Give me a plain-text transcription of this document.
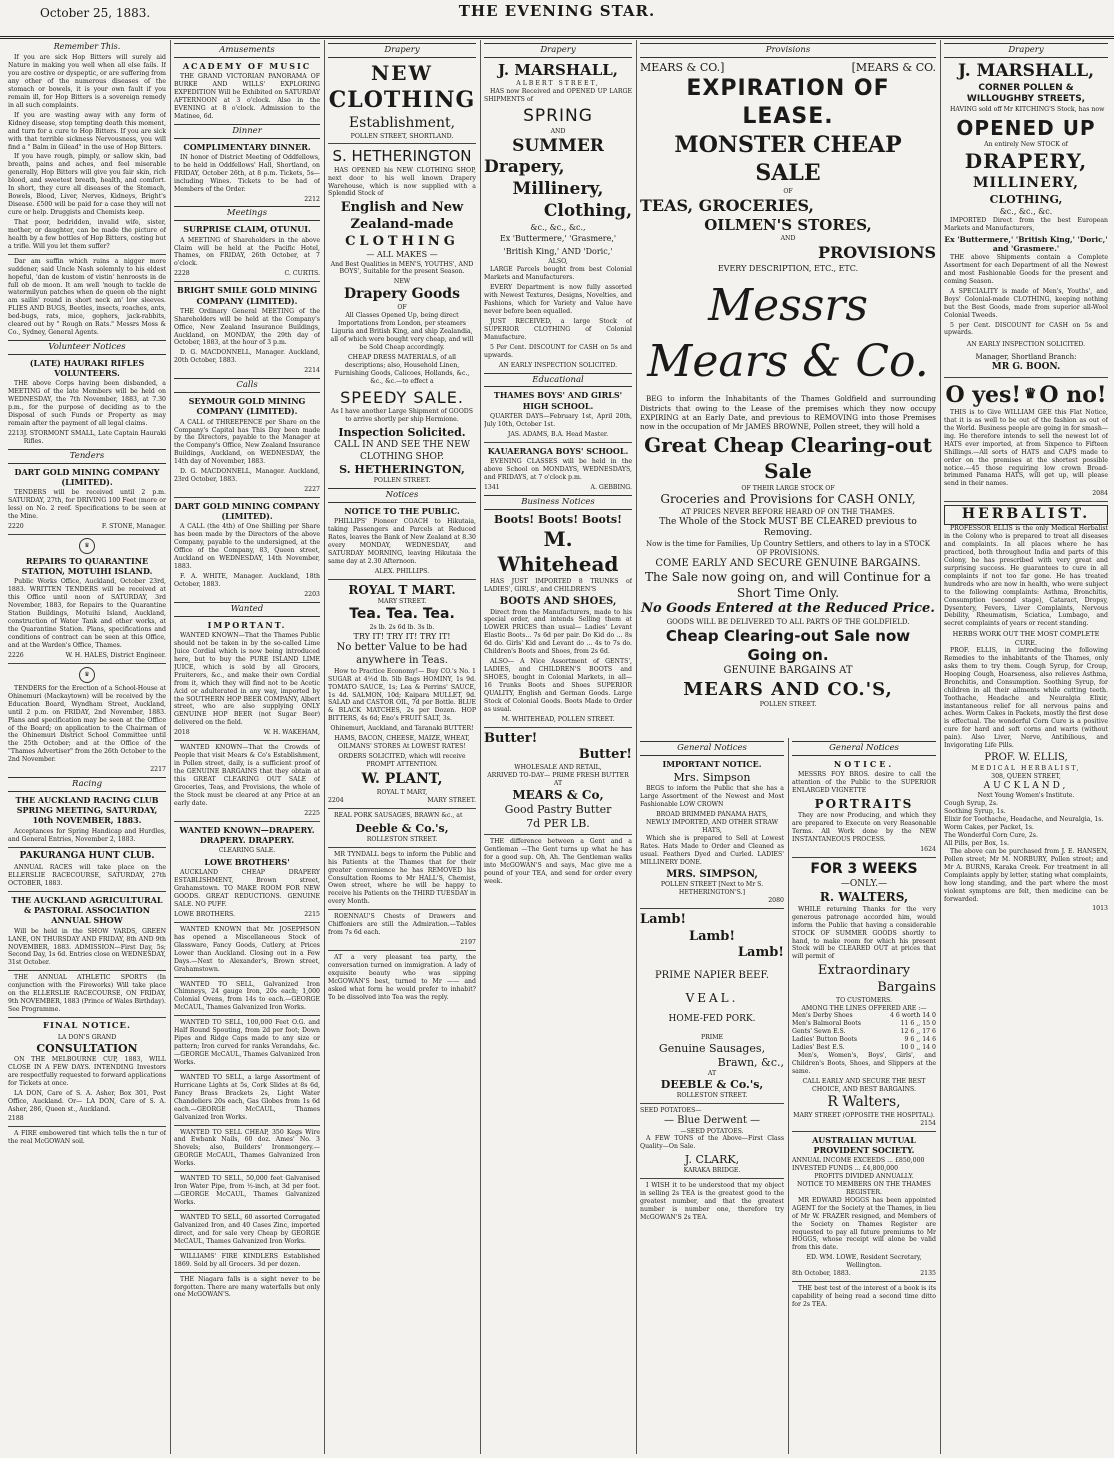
October 25, 1883.	THE EVENING STAR.
Remember This.

If you are sick Hop Bitters will surely aid Nature in making you well when all else fails. If you are costive or dyspeptic, or are suffering from any other of the numerous diseases of the stomach or bowels, it is your own fault if you remain ill, for Hop Bitters is a sovereign remedy in all such complaints.

If you are wasting away with any form of Kidney disease, stop tempting death this moment, and turn for a cure to Hop Bitters. If you are sick with that terrible sickness Nervousness, you will find a " Balm in Gilead" in the use of Hop Bitters.

If you have rough, pimply, or sallow skin, bad breath, pains and aches, and feel miserable generally, Hop Bitters will give you fair skin, rich blood, and sweetest breath, health, and comfort. In short, they cure all diseases of the Stomach, Bowels, Blood, Liver, Nerves, Kidneys, Bright's Disease. £500 will be paid for a case they will not cure or help. Druggists and Chemists keep.

That poor, bedridden, invalid wife, sister, mother, or daughter, can be made the picture of health by a few bottles of Hop Bitters, costing but a trifle. Will you let them suffer?

Dar am suffin which ruins a nigger more suddener, said Uncle Nash solemnly to his eldest hopeful, 'dan de kustom of vistin' henroosts in de full ob de moon. It am well 'nough to tackle de watermilyun patches when de queen ob the night am sailin' round in short neck an' low sleeves. FLIES AND BUGS, Beetles, insects, roaches, ants, bed-bugs, rats, mice, gophers, jack-rabbits, cleared out by " Rough on Rats." Messrs Moss & Co., Sydney, General Agents.

Volunteer Notices
(LATE) HAURAKI RIFLES VOLUNTEERS.

THE above Corps having been disbanded, a MEETING of the late Members will be held on WEDNESDAY, the 7th November, 1883, at 7.30 p.m., for the purpose of deciding as to the Disposal of such Funds or Property as may remain after the payment of all legal claims.

2213 J. STORMONT SMALL, Late Captain Hauraki Rifles.
Tenders
DART GOLD MINING COMPANY (LIMITED).

TENDERS will be received until 2 p.m. SATURDAY, 27th, for DRIVING 100 Feet (more or less) on No. 2 reef. Specifications to be seen at the Mine.

2220	F. STONE, Manager.
♛
REPAIRS TO QUARANTINE STATION, MOTUIHI ISLAND.

Public Works Office, Auckland, October 23rd, 1883. WRITTEN TENDERS will be received at this Office until noon of SATURDAY, 3rd November, 1883, for Repairs to the Quarantine Station Buildings, Motuihi Island, Auckland, construction of Water Tank and other works, at the Quarantine Station. Plans, specifications and conditions of contract can be seen at this Office, and at the Warden's Office, Thames.

2226	W. H. HALES, District Engineer.
♛

TENDERS for the Erection of a School-House at Ohinemuri (Mackaytown) will be received by the Education Board, Wyndham Street, Auckland, until 2 p.m. on FRIDAY, 2nd November, 1883. Plans and specification may be seen at the Office of the Board; on application to the Chairman of the Ohinemuri District School Committee until the 25th October; and at the Office of the "Thames Advertiser" from the 26th October to the 2nd November.

2217
Racing
THE AUCKLAND RACING CLUB SPRING MEETING, SATURDAY, 10th NOVEMBER, 1883.

Acceptances for Spring Handicap and Hurdles, and General Entries, November 2, 1883.

PAKURANGA HUNT CLUB.

ANNUAL RACES will take place on the ELLERSLIE RACECOURSE, SATURDAY, 27th OCTOBER, 1883.

THE AUCKLAND AGRICULTURAL & PASTORAL ASSOCIATION ANNUAL SHOW

Will be held in the SHOW YARDS, GREEN LANE, ON THURSDAY AND FRIDAY, 8th AND 9th NOVEMBER, 1883. ADMISSION—First Day, 5s; Second Day, 1s 6d. Entries close on WEDNESDAY, 31st October.

THE ANNUAL ATHLETIC SPORTS (In conjunction with the Fireworks) Will take place on the ELLERSLIE RACECOURSE, ON FRIDAY, 9th NOVEMBER, 1883 (Prince of Wales Birthday). See Programme.

FINAL NOTICE.
LA DON'S GRAND
CONSULTATION

ON THE MELBOURNE CUP, 1883, WILL CLOSE IN A FEW DAYS. INTENDING Investors are respectfully requested to forward applications for Tickets at once.

LA DON, Care of S. A. Asher, Box 301, Post Office, Auckland. Or— LA DON, Care of S. A. Asher, 286, Queen st., Auckland.

2188

A FIRE embowered tint which tells the n tur of the real McGOWAN soil.

Amusements
ACADEMY OF MUSIC

THE GRAND VICTORIAN PANORAMA OF BURKE AND WILLS' EXPLORING EXPEDITION Will be Exhibited on SATURDAY AFTERNOON at 3 o'clock. Also in the EVENING at 8 o'clock. Admission to the Matinee, 6d.

Dinner
COMPLIMENTARY DINNER.

IN honor of District Meeting of Oddfellows, to be held in Oddfellows' Hall, Shortland, on FRIDAY, October 26th, at 8 p.m. Tickets, 5s—including Wines. Tickets to be had of Members of the Order.

2212
Meetings
SURPRISE CLAIM, OTUNUI.

A MEETING of Shareholders in the above Claim will be held at the Pacific Hotel, Thames, on FRIDAY, 26th October, at 7 o'clock.

2228	C. CURTIS.
BRIGHT SMILE GOLD MINING COMPANY (LIMITED).

THE Ordinary General MEETING of the Shareholders will be held at the Company's Office, New Zealand Insurance Buildings, Auckland, on MONDAY, the 29th day of October, 1883, at the hour of 3 p.m.

D. G. MACDONNELL, Manager. Auckland, 20th October, 1883.

2214
Calls
SEYMOUR GOLD MINING COMPANY (LIMITED).

A CALL of THREEPENCE per Share on the Company's Capital has This Day been made by the Directors, payable to the Manager at the Company's Office, New Zealand Insurance Buildings, Auckland, on WEDNESDAY, the 14th day of November, 1883.

D. G. MACDONNELL, Manager. Auckland, 23rd October, 1883.

2227
DART GOLD MINING COMPANY (LIMITED).

A CALL (the 4th) of One Shilling per Share has been made by the Directors of the above Company, payable to the undersigned, at the Office of the Company, 83, Queen street, Auckland on WEDNESDAY, 14th November, 1883.

F. A. WHITE, Manager. Auckland, 18th October, 1883.

2203
Wanted
IMPORTANT.

WANTED KNOWN—That the Thames Public should not be taken in by the so-called Lime Juice Cordial which is now being introduced here, but to buy the PURE ISLAND LIME JUICE, which is sold by all Grocers, Fruiterers, &c., and make their own Cordial from it, which they will find not to be Acetic Acid or adulterated in any way, imported by the SOUTHERN HOP BEER COMPANY, Albert street, who are also supplying ONLY GENUINE HOP BEER (not Sugar Beer) delivered on the field.

2018	W. H. WAKEHAM,

WANTED KNOWN—That the Crowds of People that visit Mears & Co's Establishment, in Pollen street, daily, is a sufficient proof of the GENUINE BARGAINS that they obtain at this GREAT CLEARING OUT SALE of Groceries, Teas, and Provisions, the whole of the Stock must be cleared at any Price at an early date.

2225
WANTED KNOWN—DRAPERY. DRAPERY. DRAPERY.
CLEARING SALE.
LOWE BROTHERS'

AUCKLAND CHEAP DRAPERY ESTABLISHMENT, Brown street, Grahamstown. TO MAKE ROOM FOR NEW GOODS. GREAT REDUCTIONS. GENUINE SALE. NO PUFF.

LOWE BROTHERS.	2215

WANTED KNOWN that Mr. JOSEPHSON has opened a Miscellaneous Stock of Glassware, Fancy Goods, Cutlery, at Prices Lower than Auckland. Closing out in a Few Days.—Next to Alexander's, Brown street, Grahamstown.

WANTED TO SELL, Galvanized Iron Chimneys, 24 gauge Iron, 20s each; 1,000 Colonial Ovens, from 14s to each.—GEORGE McCAUL, Thames Galvanized Iron Works.

WANTED TO SELL, 100,000 Feet O.G. and Half Round Spouting, from 2d per foot; Down Pipes and Ridge Caps made to any size or pattern; Iron curved for ranks Verandahs, &c.—GEORGE McCAUL, Thames Galvanized Iron Works.

WANTED TO SELL, a large Assortment of Hurricane Lights at 5s, Cork Slides at 8s 6d, Fancy Brass Brackets 2s, Light Water Chandeliers 20s each, Gas Globes from 1s 6d each.—GEORGE McCAUL, Thames Galvanized Iron Works.

WANTED TO SELL CHEAP, 350 Kegs Wire and Ewbank Nails, 60 doz. Ames' No. 3 Shovels; also, Builders' Ironmongery.—GEORGE McCAUL, Thames Galvanized Iron Works.

WANTED TO SELL, 50,000 feet Galvanised Iron Water Pipe, from ½-inch, at 3d per foot.—GEORGE McCAUL, Thames Galvanized Works.

WANTED TO SELL, 60 assorted Corrugated Galvanized Iron, and 40 Cases Zinc, imported direct, and for sale very Cheap by GEORGE McCAUL, Thames Galvanized Iron Works.

WILLIAMS' FIRE KINDLERS Established 1869. Sold by all Grocers. 3d per dozen.

THE Niagara falls is a sight never to be forgotten. There are many waterfalls but only one McGOWAN'S.

Drapery
NEW
CLOTHING
Establishment,
POLLEN STREET, SHORTLAND.
S. HETHERINGTON

HAS OPENED his NEW CLOTHING SHOP, next door to his well known Drapery Warehouse, which is now supplied with a Splendid Stock of

English and New Zealand-made
CLOTHING
— ALL MAKES —

And Best Qualities in MEN'S, YOUTHS', AND BOYS', Suitable for the present Season.

NEW
Drapery Goods
OF

All Classes Opened Up, being direct Importations from London, per steamers Liguria and British King, and ship Zealandia, all of which were bought very cheap, and will be Sold Cheap accordingly.

CHEAP DRESS MATERIALS, of all descriptions; also, Household Linen, Furnishing Goods, Calicoes, Hollands, &c., &c., &c.—to effect a

SPEEDY SALE.

As I have another Large Shipment of GOODS to arrive shortly per ship Hermione.

Inspection Solicited.
CALL IN AND SEE THE NEW CLOTHING SHOP.
S. HETHERINGTON,
POLLEN STREET.
Notices
NOTICE TO THE PUBLIC.

PHILLIPS' Pioneer COACH to Hikutaia, taking Passengers and Parcels at Reduced Rates, leaves the Bank of New Zealand at 8.30 every MONDAY, WEDNESDAY, and SATURDAY MORNING, leaving Hikutaia the same day at 2.30 Afternoon.

ALEX. PHILLIPS.
ROYAL T MART.
MARY STREET.
Tea. Tea. Tea.
2s lb. 2s 6d lb. 3s lb.
TRY IT! TRY IT! TRY IT!
No better Value to be had anywhere in Teas.

How to Practice Economy!— Buy CO.'s No. 1 SUGAR at 4½d lb. 5lb Bags HOMINY, 1s 9d. TOMATO SAUCE, 1s; Lea & Perrins' SAUCE, 1s 4d. SALMON, 10d; Kaipara MULLET, 9d. SALAD and CASTOR OIL, 7d per Bottle. BLUE & BLACK MATCHES, 2s per Dozen. HOP BITTERS, 4s 6d; Eno's FRUIT SALT, 3s.

Ohinemuri, Auckland, and Taranaki BUTTER!

HAMS, BACON, CHEESE, MAIZE, WHEAT, OILMANS' STORES At LOWEST RATES!

ORDERS SOLICITED, which will receive PROMPT ATTENTION.

W. PLANT,
ROYAL T MART,
2204	MARY STREET.

REAL PORK SAUSAGES, BRAWN &c., at

Deeble & Co.'s,
ROLLESTON STREET.

MR TYNDALL begs to inform the Public and his Patients at the Thames that for their greater convenience he has REMOVED his Consultation Rooms to Mr HALL'S, Chemist, Owen street, where he will be happy to receive his Patients on the THIRD TUESDAY in every Month.

ROENNAU'S Chests of Drawers and Chiffoniers are still the Admiration.—Tables from 7s 6d each.

2197

AT a very pleasant tea party, the conversation turned on immigration. A lady of exquisite beauty who was sipping McGOWAN'S best, turned to Mr —— and asked what form he would prefer to inhabit? To be dissolved into Tea was the reply.

Drapery
J. MARSHALL,
ALBERT STREET,

HAS now Received and OPENED UP LARGE SHIPMENTS of

SPRING
AND
SUMMER
Drapery,
Millinery,
Clothing,
&c., &c., &c.,
Ex 'Buttermere,' 'Grasmere,' 'British King,' AND 'Doric,'
ALSO,

LARGE Parcels bought from best Colonial Markets and Manufacturers.

EVERY Department is now fully assorted with Newest Textures, Designs, Novelties, and Fashions, which for Variety and Value have never before been equalled.

JUST RECEIVED, a large Stock of SUPERIOR CLOTHING of Colonial Manufacture.

5 Per Cent. DISCOUNT for CASH on 5s and upwards.

AN EARLY INSPECTION SOLICITED.
Educational
THAMES BOYS' AND GIRLS' HIGH SCHOOL.

QUARTER DAYS—February 1st, April 20th, July 10th, October 1st.

JAS. ADAMS, B.A. Head Master.
KAUAERANGA BOYS' SCHOOL.

EVENING CLASSES will be held in the above School on MONDAYS, WEDNESDAYS, and FRIDAYS, at 7 o'clock p.m.

1341	A. GEBBING.
Business Notices
Boots! Boots! Boots!
M. Whitehead

HAS JUST IMPORTED 8 TRUNKS of LADIES', GIRLS', and CHILDREN'S

BOOTS AND SHOES,

Direct from the Manufacturers, made to his special order, and intends Selling them at LOWER PRICES than usual— Ladies' Levant Elastic Boots... 7s 6d per pair. Do Kid do ... 8s 6d do. Girls' Kid and Levant do ... 4s to 7s do. Children's Boots and Shoes, from 2s 6d.

ALSO— A Nice Assortment of GENTS', LADIES, and CHILDREN'S BOOTS and SHOES, bought in Colonial Markets, in all— 16 Trunks Boots and Shoes SUPERIOR QUALITY, English and German Goods. Large Stock of Colonial Goods. Boots Made to Order as usual.

M. WHITEHEAD, POLLEN STREET.
Butter!
Butter!
WHOLESALE AND RETAIL,
ARRIVED TO-DAY— PRIME FRESH BUTTER AT
MEARS & Co,
Good Pastry Butter
7d PER LB.

THE difference between a Gent and a Gentleman —The Gent turns up what he has for a good sup. Oh, Ah. The Gentleman walks into McGOWAN'S and says, Mac give me a pound of your TEA, and send for order every week.

Provisions
MEARS & CO.]	[MEARS & CO.
EXPIRATION OF LEASE.
MONSTER CHEAP SALE
OF
TEAS, GROCERIES,
OILMEN'S STORES,
AND
PROVISIONS
EVERY DESCRIPTION, ETC., ETC.
Messrs Mears & Co.

BEG to inform the Inhabitants of the Thames Goldfield and surrounding Districts that owing to the Lease of the premises which they now occupy EXPIRING at an Early Date, and previous to REMOVING into those Premises now in the occupation of Mr JAMES BROWNE, Pollen street, they will hold a

Great Cheap Clearing-out Sale
OF THEIR LARGE STOCK OF
Groceries and Provisions for CASH ONLY,
AT PRICES NEVER BEFORE HEARD OF ON THE THAMES.
The Whole of the Stock MUST BE CLEARED previous to Removing.
Now is the time for Families, Up Country Settlers, and others to lay in a STOCK OF PROVISIONS.
COME EARLY AND SECURE GENUINE BARGAINS.
The Sale now going on, and will Continue for a Short Time Only.
No Goods Entered at the Reduced Price.
GOODS WILL BE DELIVERED TO ALL PARTS OF THE GOLDFIELD.
Cheap Clearing-out Sale now Going on.
GENUINE BARGAINS AT
MEARS AND CO.'S,
POLLEN STREET.
General Notices
IMPORTANT NOTICE.
Mrs. Simpson

BEGS to inform the Public that she has a Large Assortment of the Newest and Most Fashionable LOW CROWN

BROAD BRIMMED PANAMA HATS,
NEWLY IMPORTED, AND OTHER STRAW HATS,

Which she is prepared to Sell at Lowest Rates. Hats Made to Order and Cleaned as usual. Feathers Dyed and Curled. LADIES' MILLINERY DONE.

MRS. SIMPSON,
POLLEN STREET [Next to Mr S. HETHERINGTON'S.]
2080
Lamb!
Lamb!
Lamb!
PRIME NAPIER BEEF.
VEAL.
HOME-FED PORK.
PRIME
Genuine Sausages,
Brawn, &c.,
AT
DEEBLE & Co.'s,
ROLLESTON STREET.
SEED POTATOES—
— Blue Derwent —
—SEED POTATOES.

A FEW TONS of the Above—First Class Quality—On Sale.

J. CLARK,
KARAKA BRIDGE.

I WISH it to be understood that my object in selling 2s TEA is the greatest good to the greatest number, and that the greatest number is number one, therefore try McGOWAN'S 2s TEA.

General Notices
NOTICE.

MESSRS FOY BROS. desire to call the attention of the Public to the SUPERIOR ENLARGED VIGNETTE

PORTRAITS

They are now Producing, and which they are prepared to Execute on very Reasonable Terms. All Work done by the NEW INSTANTANEOUS PROCESS.

1624
FOR 3 WEEKS
—ONLY.—
R. WALTERS,

WHILE returning Thanks for the very generous patronage accorded him, would inform the Public that having a considerable STOCK OF SUMMER GOODS shortly to hand, to make room for which his present Stock will be CLEARED OUT at prices that will permit of

Extraordinary
Bargains
TO CUSTOMERS.
AMONG THE LINES OFFERED ARE :—
Men's Derby Shoes	4 6 worth 14 0
Men's Balmoral Boots	11 6 ,, 15 0
Gents' Sewn E.S.	12 6 ,, 17 6
Ladies' Button Boots	9 6 ,, 14 6
Ladies' Best E.S.	10 0 ,, 14 0

Men's, Women's, Boys', Girls', and Children's Boots, Shoes, and Slippers at the same.

CALL EARLY AND SECURE THE BEST CHOICE, AND BEST BARGAINS.
R Walters,
MARY STREET (OPPOSITE THE HOSPITAL).
2154
AUSTRALIAN MUTUAL PROVIDENT SOCIETY.
ANNUAL INCOME EXCEEDS ... £850,000
INVESTED FUNDS ... £4,800,000
PROFITS DIVIDED ANNUALLY.
NOTICE TO MEMBERS ON THE THAMES REGISTER.

MR EDWARD HOGGS has been appointed AGENT for the Society at the Thames, in lieu of Mr W. FRAZER resigned, and Members of the Society on Thames Register are requested to pay all future premiums to Mr HOGGS, whose receipt will alone be valid from this date.

ED. WM. LOWE, Resident Secretary, Wellington.
8th October, 1883.	2135

THE best test of the interest of a book is its capability of being read a second time ditto for 2s TEA.

Drapery
J. MARSHALL,
CORNER POLLEN & WILLOUGHBY STREETS,

HAVING sold off Mr KITCHING'S Stock, has now

OPENED UP
An entirely New STOCK of
DRAPERY,
MILLINERY,
CLOTHING,
&c., &c., &c.

IMPORTED Direct from the best European Markets and Manufacturers,

Ex 'Buttermere,' 'British King,' 'Doric,' and 'Grasmere.'

THE above Shipments contain a Complete Assortment for each Department of all the Newest and most Fashionable Goods for the present and coming Season.

A SPECIALITY is made of Men's, Youths', and Boys' Colonial-made CLOTHING, keeping nothing but the Best Goods, made from superior all-Wool Colonial Tweeds.

5 per Cent. DISCOUNT for CASH on 5s and upwards.

AN EARLY INSPECTION SOLICITED.
Manager, Shortland Branch:
MR G. BOON.
O yes! ♛ O no!

THIS is to Give WILLIAM GEE this Flat Notice, that it is as well to be out of the fashion as out of the World. Business people are going in for smash—ing. He therefore intends to sell the newest lot of HATS ever imported, at from Sixpence to Fifteen Shillings.—All sorts of HATS and CAPS made to order on the premises at the shortest possible notice.—45 those requiring low crown Broad-brimmed Panama HATS, will get up, will please send in their names.

2084
HERBALIST.

PROFESSOR ELLIS is the only Medical Herbalist in the Colony who is prepared to treat all diseases and complaints. In all places where he has practiced, both throughout India and parts of this Colony, he has prescribed with very great and surprising success. He guarantees to cure in all complaints if not too far gone. He has treated hundreds who are now in health, who were subject to the following complaints: Asthma, Bronchitis, Consumption (second stage), Cataract, Dropsy, Dysentery, Fevers, Liver Complaints, Nervous Debility, Rheumatism, Sciatica, Lumbago, and secret complaints of years or recent standing.

HERBS WORK OUT THE MOST COMPLETE CURE.

PROF. ELLIS, in introducing the following Remedies to the inhabitants of the Thames, only asks them to try them. Cough Syrup, for Croup, Hooping Cough, Hoarseness, also relieves Asthma, Bronchitis, and Consumption. Soothing Syrup, for children in all their ailments while cutting teeth. Toothache, Headache and Neuralgia Elixir, instantaneous relief for all nervous pains and aches. Worm Cakes in Packets, mostly the first dose is effectual. The wonderful Corn Cure is a positive cure for hard and soft corns and warts (without pain). Also Liver, Nerve, Antibilious, and Invigorating Life Pills.

PROF. W. ELLIS,
MEDICAL HERBALIST,
308, QUEEN STREET,
AUCKLAND,
Next Young Women's Institute.
Cough Syrup, 2s.
Soothing Syrup, 1s.
Elixir for Toothache, Headache, and Neuralgia, 1s.
Worm Cakes, per Packet, 1s.
The Wonderful Corn Cure, 2s.
All Pills, per Box, 1s.

The above can be purchased from J. E. HANSEN, Pollen street; Mr M. NORBURY, Pollen street; and Mr A. BURNS, Karaka Creek. For treatment in all Complaints apply by letter, stating what complaints, how long standing, and the part where the most violent symptoms are felt, then medicine can be forwarded.

1013
